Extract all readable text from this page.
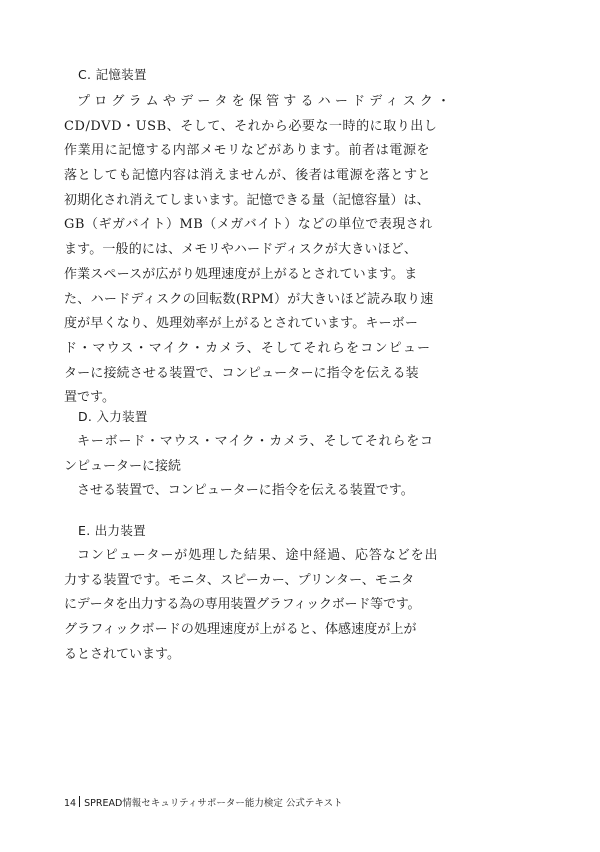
C. 記憶装置

プログラムやデータを保管するハードディスク・

CD/DVD・USB、そして、それから必要な一時的に取り出し

作業用に記憶する内部メモリなどがあります。前者は電源を

落としても記憶内容は消えませんが、後者は電源を落とすと

初期化され消えてしまいます。記憶できる量（記憶容量）は、

GB（ギガバイト）MB（メガバイト）などの単位で表現され

ます。一般的には、メモリやハードディスクが大きいほど、

作業スペースが広がり処理速度が上がるとされています。ま

た、ハードディスクの回転数(RPM）が大きいほど読み取り速

度が早くなり、処理効率が上がるとされています。キーボー

ド・マウス・マイク・カメラ、そしてそれらをコンピュー

ターに接続させる装置で、コンピューターに指令を伝える装

置です。

D. 入力装置

キーボード・マウス・マイク・カメラ、そしてそれらをコ

ンピューターに接続

させる装置で、コンピューターに指令を伝える装置です。

E. 出力装置

コンピューターが処理した結果、途中経過、応答などを出

力する装置です。モニタ、スピーカー、プリンター、モニタ

にデータを出力する為の専用装置グラフィックボード等です。

グラフィックボードの処理速度が上がると、体感速度が上が

るとされています。

14 SPREAD情報セキュリティサポーター能力検定 公式テキスト
